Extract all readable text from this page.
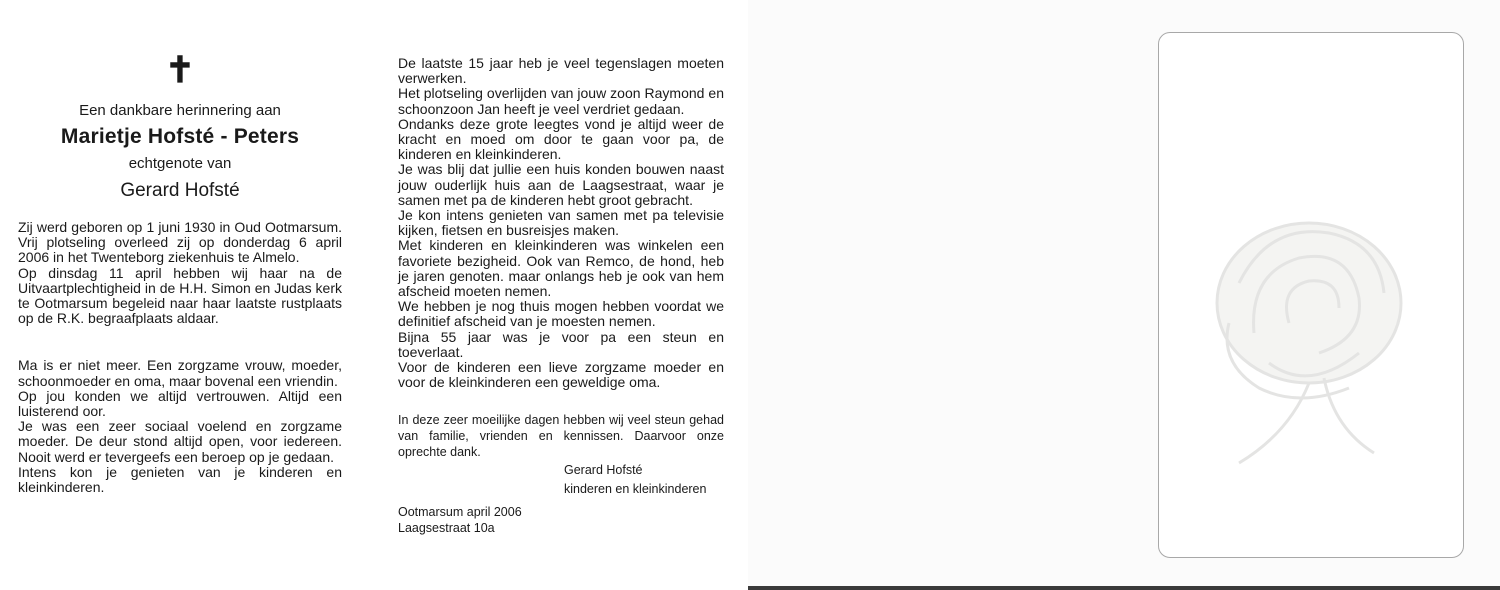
✝
Een dankbare herinnering aan
Marietje Hofsté - Peters
echtgenote van
Gerard Hofsté

Zij werd geboren op 1 juni 1930 in Oud Ootmarsum. Vrij plotseling overleed zij op donderdag 6 april 2006 in het Twenteborg ziekenhuis te Almelo.

Op dinsdag 11 april hebben wij haar na de Uitvaartplechtigheid in de H.H. Simon en Judas kerk te Ootmarsum begeleid naar haar laatste rustplaats op de R.K. begraafplaats aldaar.

Ma is er niet meer. Een zorgzame vrouw, moeder, schoonmoeder en oma, maar bovenal een vriendin.

Op jou konden we altijd vertrouwen. Altijd een luisterend oor.

Je was een zeer sociaal voelend en zorgzame moeder. De deur stond altijd open, voor iedereen. Nooit werd er tevergeefs een beroep op je gedaan.

Intens kon je genieten van je kinderen en kleinkinderen.

De laatste 15 jaar heb je veel tegenslagen moeten verwerken.

Het plotseling overlijden van jouw zoon Raymond en schoonzoon Jan heeft je veel verdriet gedaan.

Ondanks deze grote leegtes vond je altijd weer de kracht en moed om door te gaan voor pa, de kinderen en kleinkinderen.

Je was blij dat jullie een huis konden bouwen naast jouw ouderlijk huis aan de Laagsestraat, waar je samen met pa de kinderen hebt groot gebracht.

Je kon intens genieten van samen met pa televisie kijken, fietsen en busreisjes maken.

Met kinderen en kleinkinderen was winkelen een favoriete bezigheid. Ook van Remco, de hond, heb je jaren genoten. maar onlangs heb je ook van hem afscheid moeten nemen.

We hebben je nog thuis mogen hebben voordat we definitief afscheid van je moesten nemen.

Bijna 55 jaar was je voor pa een steun en toeverlaat.

Voor de kinderen een lieve zorgzame moeder en voor de kleinkinderen een geweldige oma.

In deze zeer moeilijke dagen hebben wij veel steun gehad van familie, vrienden en kennissen. Daarvoor onze oprechte dank.
Gerard Hofsté
kinderen en kleinkinderen
Ootmarsum april 2006
Laagsestraat 10a
